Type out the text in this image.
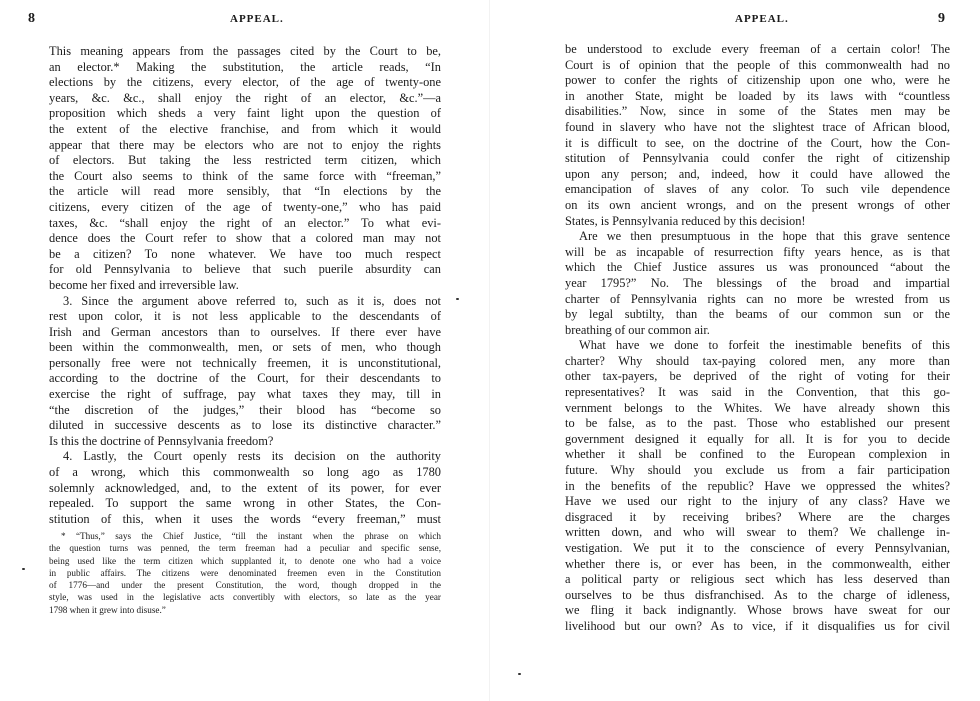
8	APPEAL.
This meaning appears from the passages cited by the Court to be,
an elector.* Making the substitution, the article reads, “In
elections by the citizens, every elector, of the age of twenty-one
years, &c. &c., shall enjoy the right of an elector, &c.”—a
proposition which sheds a very faint light upon the question of
the extent of the elective franchise, and from which it would
appear that there may be electors who are not to enjoy the rights
of electors. But taking the less restricted term citizen, which
the Court also seems to think of the same force with “freeman,”
the article will read more sensibly, that “In elections by the
citizens, every citizen of the age of twenty-one,” who has paid
taxes, &c. “shall enjoy the right of an elector.” To what evi-
dence does the Court refer to show that a colored man may not
be a citizen? To none whatever. We have too much respect
for old Pennsylvania to believe that such puerile absurdity can
become her fixed and irreversible law.
3. Since the argument above referred to, such as it is, does not
rest upon color, it is not less applicable to the descendants of
Irish and German ancestors than to ourselves. If there ever have
been within the commonwealth, men, or sets of men, who though
personally free were not technically freemen, it is unconstitutional,
according to the doctrine of the Court, for their descendants to
exercise the right of suffrage, pay what taxes they may, till in
“the discretion of the judges,” their blood has “become so
diluted in successive descents as to lose its distinctive character.”
Is this the doctrine of Pennsylvania freedom?
4. Lastly, the Court openly rests its decision on the authority
of a wrong, which this commonwealth so long ago as 1780
solemnly acknowledged, and, to the extent of its power, for ever
repealed. To support the same wrong in other States, the Con-
stitution of this, when it uses the words “every freeman,” must
* “Thus,” says the Chief Justice, “till the instant when the phrase on which
the question turns was penned, the term freeman had a peculiar and specific sense,
being used like the term citizen which supplanted it, to denote one who had a voice
in public affairs. The citizens were denominated freemen even in the Constitution
of 1776—and under the present Constitution, the word, though dropped in the
style, was used in the legislative acts convertibly with electors, so late as the year
1798 when it grew into disuse.”
APPEAL.	9
be understood to exclude every freeman of a certain color! The
Court is of opinion that the people of this commonwealth had no
power to confer the rights of citizenship upon one who, were he
in another State, might be loaded by its laws with “countless
disabilities.” Now, since in some of the States men may be
found in slavery who have not the slightest trace of African blood,
it is difficult to see, on the doctrine of the Court, how the Con-
stitution of Pennsylvania could confer the right of citizenship
upon any person; and, indeed, how it could have allowed the
emancipation of slaves of any color. To such vile dependence
on its own ancient wrongs, and on the present wrongs of other
States, is Pennsylvania reduced by this decision!
Are we then presumptuous in the hope that this grave sentence
will be as incapable of resurrection fifty years hence, as is that
which the Chief Justice assures us was pronounced “about the
year 1795?” No. The blessings of the broad and impartial
charter of Pennsylvania rights can no more be wrested from us
by legal subtilty, than the beams of our common sun or the
breathing of our common air.
What have we done to forfeit the inestimable benefits of this
charter? Why should tax-paying colored men, any more than
other tax-payers, be deprived of the right of voting for their
representatives? It was said in the Convention, that this go-
vernment belongs to the Whites. We have already shown this
to be false, as to the past. Those who established our present
government designed it equally for all. It is for you to decide
whether it shall be confined to the European complexion in
future. Why should you exclude us from a fair participation
in the benefits of the republic? Have we oppressed the whites?
Have we used our right to the injury of any class? Have we
disgraced it by receiving bribes? Where are the charges
written down, and who will swear to them? We challenge in-
vestigation. We put it to the conscience of every Pennsylvanian,
whether there is, or ever has been, in the commonwealth, either
a political party or religious sect which has less deserved than
ourselves to be thus disfranchised. As to the charge of idleness,
we fling it back indignantly. Whose brows have sweat for our
livelihood but our own? As to vice, if it disqualifies us for civil
